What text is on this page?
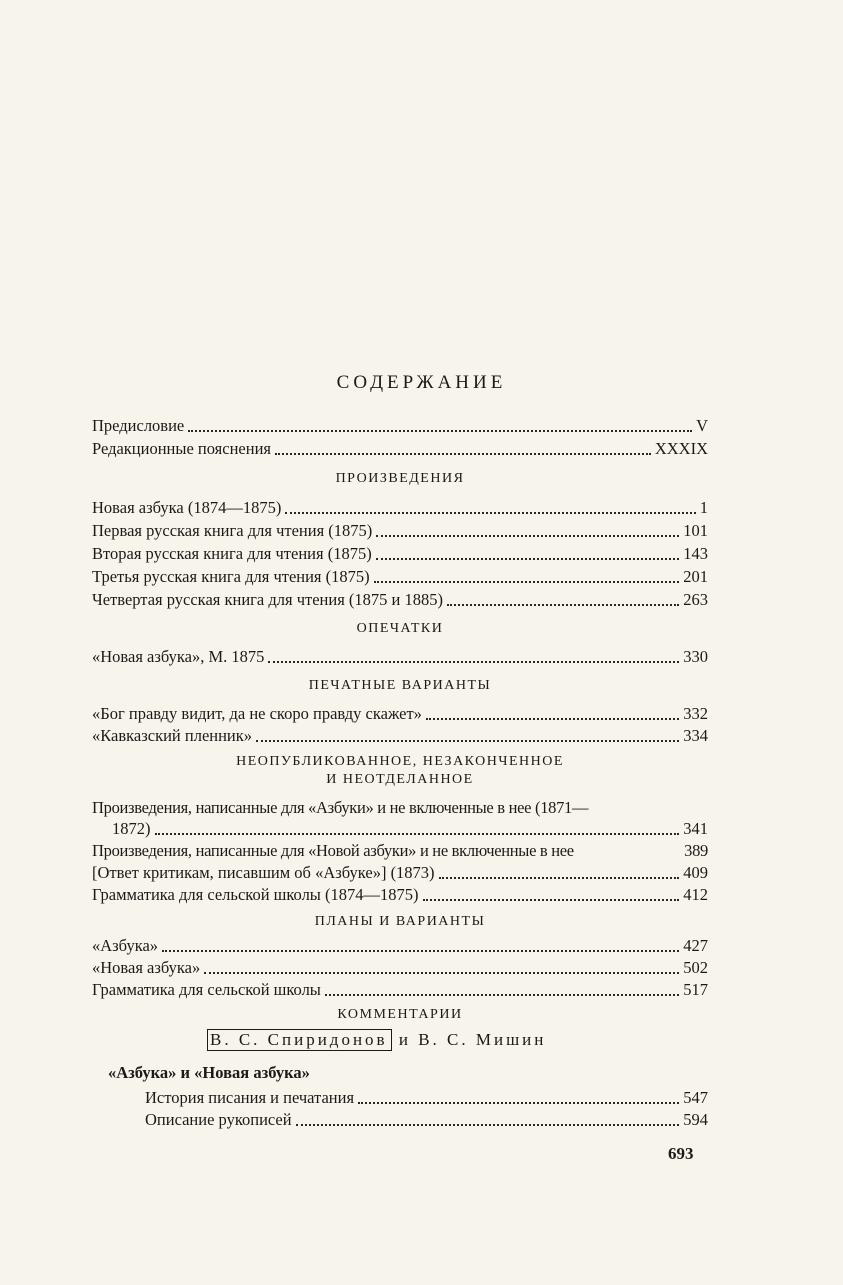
СОДЕРЖАНИЕ
Предисловие	V
Редакционные пояснения	XXXIX
ПРОИЗВЕДЕНИЯ
Новая азбука (1874—1875)	1
Первая русская книга для чтения (1875)	101
Вторая русская книга для чтения (1875)	143
Третья русская книга для чтения (1875)	201
Четвертая русская книга для чтения (1875 и 1885)	263
ОПЕЧАТКИ
«Новая азбука», М. 1875	330
ПЕЧАТНЫЕ ВАРИАНТЫ
«Бог правду видит, да не скоро правду скажет»	332
«Кавказский пленник»	334
НЕОПУБЛИКОВАННОЕ, НЕЗАКОНЧЕННОЕ
И НЕОТДЕЛАННОЕ
Произведения, написанные для «Азбуки» и не включенные в нее (1871—
1872)	341
Произведения, написанные для «Новой азбуки» и не включенные в нее	389
[Ответ критикам, писавшим об «Азбуке»] (1873)	409
Грамматика для сельской школы (1874—1875)	412
ПЛАНЫ И ВАРИАНТЫ
«Азбука»	427
«Новая азбука»	502
Грамматика для сельской школы	517
КОММЕНТАРИИ
В. С. Спиридонов и В. С. Мишин
«Азбука» и «Новая азбука»
История писания и печатания	547
Описание рукописей	594
693
